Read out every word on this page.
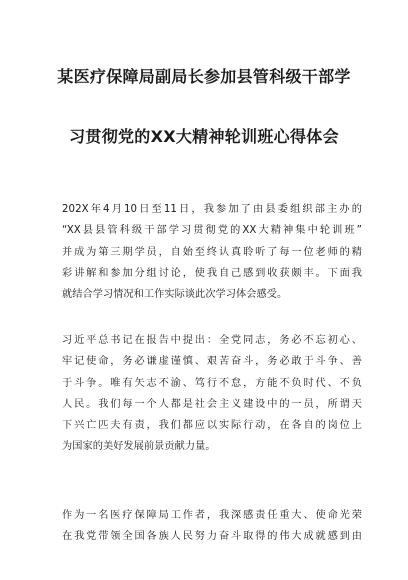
某医疗保障局副局长参加县管科级干部学
习贯彻党的XX大精神轮训班心得体会
202X年4月10日至11日，我参加了由县委组织部主办的
“XX县县管科级干部学习贯彻党的XX大精神集中轮训班”
并成为第三期学员，自始至终认真聆听了每一位老师的精
彩讲解和参加分组讨论，使我自己感到收获颇丰。下面我
就结合学习情况和工作实际谈此次学习体会感受。
习近平总书记在报告中提出：全党同志，务必不忘初心、
牢记使命，务必谦虚谨慎、艰苦奋斗，务必敢于斗争、善
于斗争。唯有矢志不渝、笃行不怠，方能不负时代、不负
人民。我们每一个人都是社会主义建设中的一员，所谓天
下兴亡匹夫有责，我们都应以实际行动，在各自的岗位上
为国家的美好发展前景贡献力量。
作为一名医疗保障局工作者，我深感责任重大、使命光荣
在我党带领全国各族人民努力奋斗取得的伟大成就感到由
